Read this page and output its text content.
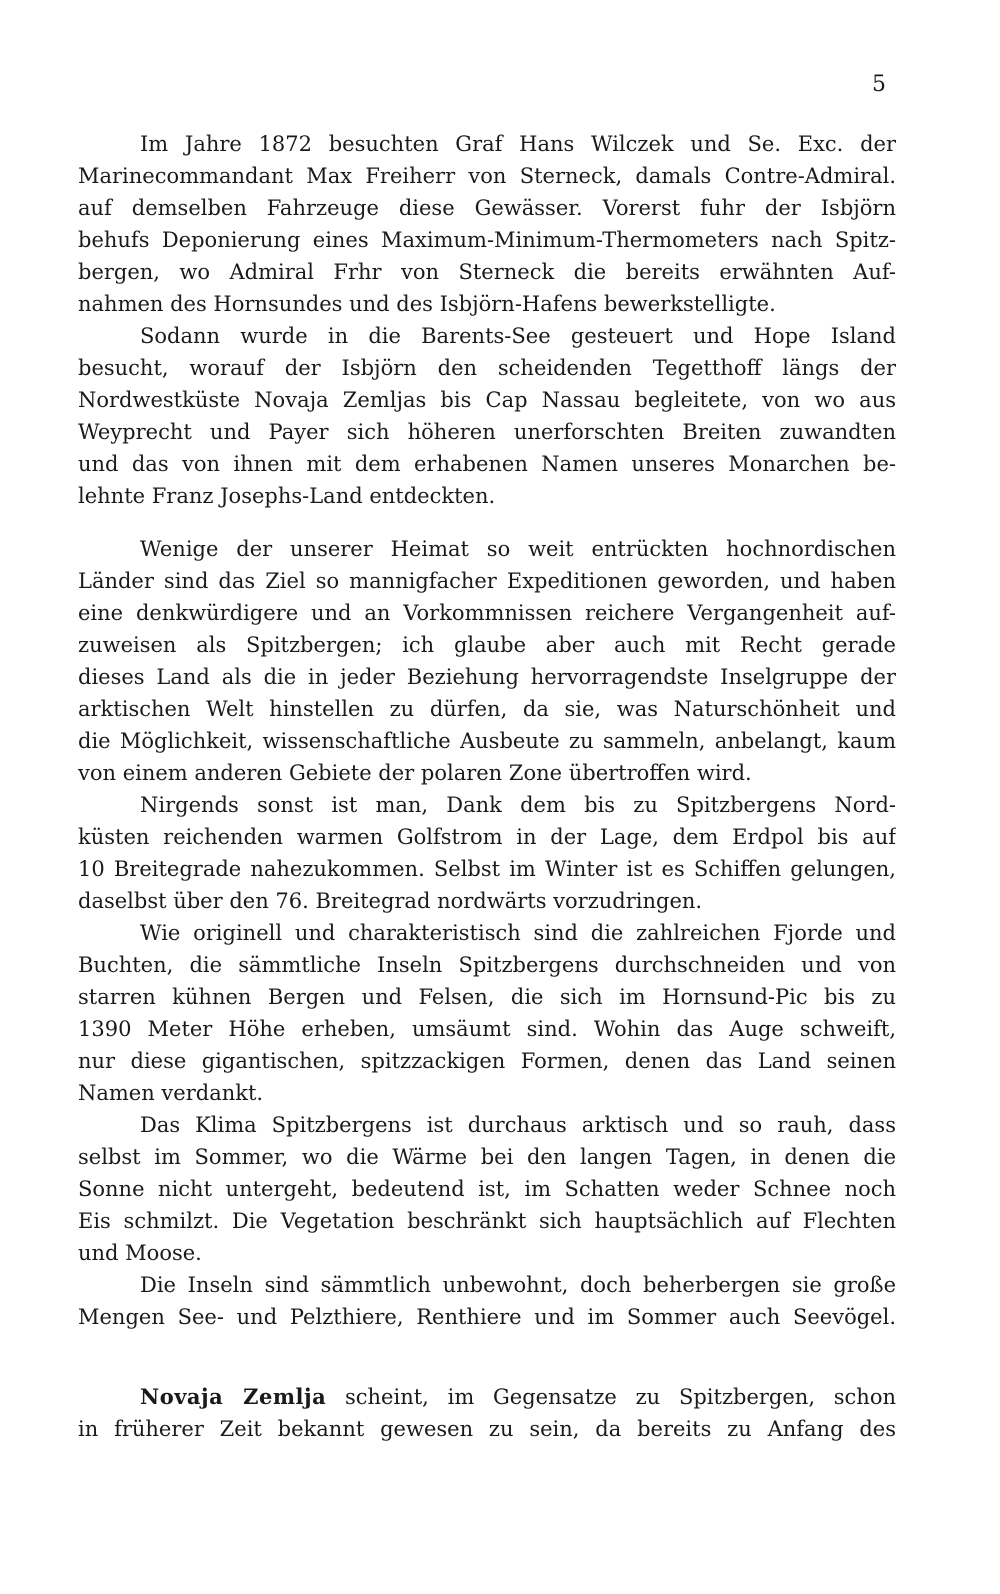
5
Im Jahre 1872 besuchten Graf Hans Wilczek und Se. Exc. der
Marinecommandant Max Freiherr von Sterneck, damals Contre-Admiral.
auf demselben Fahrzeuge diese Gewässer. Vorerst fuhr der Isbjörn
behufs Deponierung eines Maximum-Minimum-Thermometers nach Spitz-
bergen, wo Admiral Frhr von Sterneck die bereits erwähnten Auf-
nahmen des Hornsundes und des Isbjörn-Hafens bewerkstelligte.
Sodann wurde in die Barents-See gesteuert und Hope Island
besucht, worauf der Isbjörn den scheidenden Tegetthoff längs der
Nordwestküste Novaja Zemljas bis Cap Nassau begleitete, von wo aus
Weyprecht und Payer sich höheren unerforschten Breiten zuwandten
und das von ihnen mit dem erhabenen Namen unseres Monarchen be-
lehnte Franz Josephs-Land entdeckten.
Wenige der unserer Heimat so weit entrückten hochnordischen
Länder sind das Ziel so mannigfacher Expeditionen geworden, und haben
eine denkwürdigere und an Vorkommnissen reichere Vergangenheit auf-
zuweisen als Spitzbergen; ich glaube aber auch mit Recht gerade
dieses Land als die in jeder Beziehung hervorragendste Inselgruppe der
arktischen Welt hinstellen zu dürfen, da sie, was Naturschönheit und
die Möglichkeit, wissenschaftliche Ausbeute zu sammeln, anbelangt, kaum
von einem anderen Gebiete der polaren Zone übertroffen wird.
Nirgends sonst ist man, Dank dem bis zu Spitzbergens Nord-
küsten reichenden warmen Golfstrom in der Lage, dem Erdpol bis auf
10 Breitegrade nahezukommen. Selbst im Winter ist es Schiffen gelungen,
daselbst über den 76. Breitegrad nordwärts vorzudringen.
Wie originell und charakteristisch sind die zahlreichen Fjorde und
Buchten, die sämmtliche Inseln Spitzbergens durchschneiden und von
starren kühnen Bergen und Felsen, die sich im Hornsund-Pic bis zu
1390 Meter Höhe erheben, umsäumt sind. Wohin das Auge schweift,
nur diese gigantischen, spitzzackigen Formen, denen das Land seinen
Namen verdankt.
Das Klima Spitzbergens ist durchaus arktisch und so rauh, dass
selbst im Sommer, wo die Wärme bei den langen Tagen, in denen die
Sonne nicht untergeht, bedeutend ist, im Schatten weder Schnee noch
Eis schmilzt. Die Vegetation beschränkt sich hauptsächlich auf Flechten
und Moose.
Die Inseln sind sämmtlich unbewohnt, doch beherbergen sie große
Mengen See- und Pelzthiere, Renthiere und im Sommer auch Seevögel.
Novaja Zemlja scheint, im Gegensatze zu Spitzbergen, schon
in früherer Zeit bekannt gewesen zu sein, da bereits zu Anfang des
